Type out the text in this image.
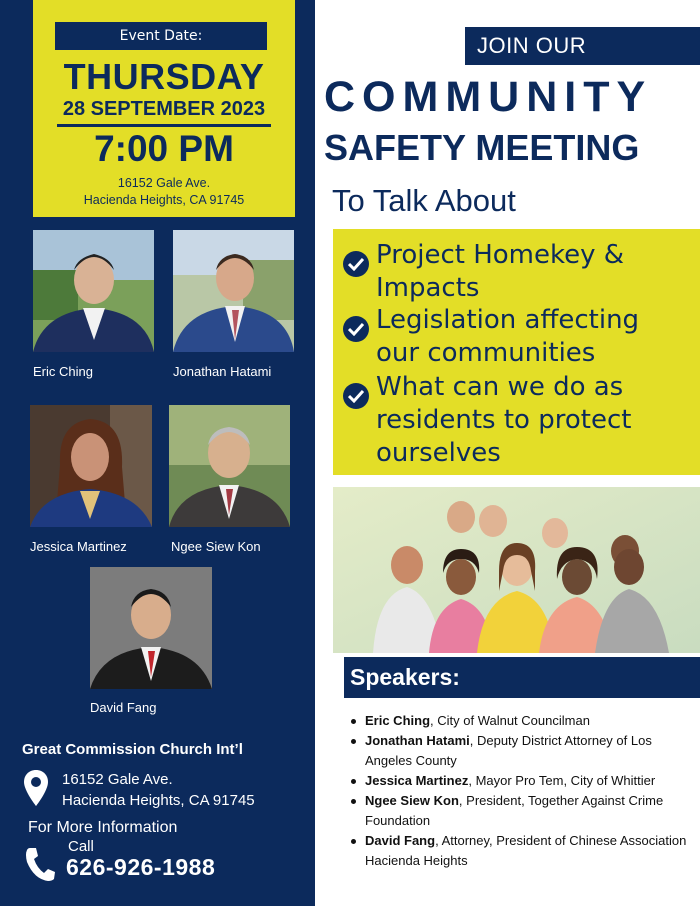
Event Date:
THURSDAY
28 SEPTEMBER 2023
7:00 PM
16152 Gale Ave.
Hacienda Heights, CA 91745
Eric Ching	Jonathan Hatami
Jessica Martinez	Ngee Siew Kon
David Fang
Great Commission Church Int’l
16152 Gale Ave.
Hacienda Heights, CA 91745
For More Information
Call
626-926-1988
JOIN OUR
COMMUNITY
SAFETY MEETING
To Talk About
Project Homekey &
Impacts
Legislation affecting
our communities
What can we do as
residents to protect
ourselves
Speakers:
Eric Ching, City of Walnut Councilman
Jonathan Hatami, Deputy District Attorney of Los Angeles County
Jessica Martinez, Mayor Pro Tem, City of Whittier
Ngee Siew Kon, President, Together Against Crime Foundation
David Fang, Attorney, President of Chinese Association Hacienda Heights
